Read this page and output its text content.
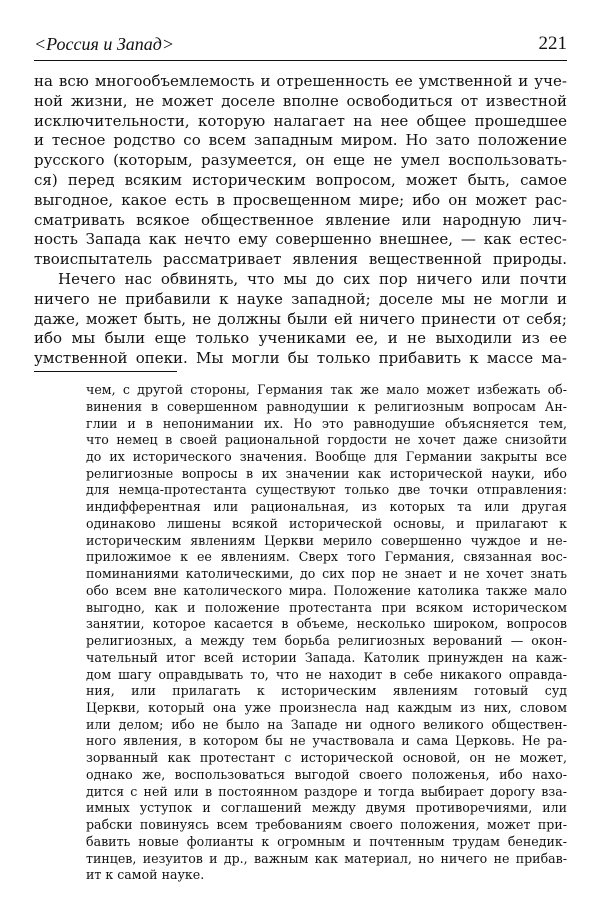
<Россия и Запад>	221
на всю многообъемлемость и отрешенность ее умственной и уче-
ной жизни, не может доселе вполне освободиться от известной
исключительности, которую налагает на нее общее прошедшее
и тесное родство со всем западным миром. Но зато положение
русского (которым, разумеется, он еще не умел воспользовать-
ся) перед всяким историческим вопросом, может быть, самое
выгодное, какое есть в просвещенном мире; ибо он может рас-
сматривать всякое общественное явление или народную лич-
ность Запада как нечто ему совершенно внешнее, — как естес-
твоиспытатель рассматривает явления вещественной природы.
Нечего нас обвинять, что мы до сих пор ничего или почти
ничего не прибавили к науке западной; доселе мы не могли и
даже, может быть, не должны были ей ничего принести от себя;
ибо мы были еще только учениками ее, и не выходили из ее
умственной опеки. Мы могли бы только прибавить к массе ма-
чем, с другой стороны, Германия так же мало может избежать об-
винения в совершенном равнодушии к религиозным вопросам Ан-
глии и в непонимании их. Но это равнодушие объясняется тем,
что немец в своей рациональной гордости не хочет даже снизойти
до их исторического значения. Вообще для Германии закрыты все
религиозные вопросы в их значении как исторической науки, ибо
для немца-протестанта существуют только две точки отправления:
индифферентная или рациональная, из которых та или другая
одинаково лишены всякой исторической основы, и прилагают к
историческим явлениям Церкви мерило совершенно чуждое и не-
приложимое к ее явлениям. Сверх того Германия, связанная вос-
поминаниями католическими, до сих пор не знает и не хочет знать
обо всем вне католического мира. Положение католика также мало
выгодно, как и положение протестанта при всяком историческом
занятии, которое касается в объеме, несколько широком, вопросов
религиозных, а между тем борьба религиозных верований — окон-
чательный итог всей истории Запада. Католик принужден на каж-
дом шагу оправдывать то, что не находит в себе никакого оправда-
ния, или прилагать к историческим явлениям готовый суд
Церкви, который она уже произнесла над каждым из них, словом
или делом; ибо не было на Западе ни одного великого обществен-
ного явления, в котором бы не участвовала и сама Церковь. Не ра-
зорванный как протестант с исторической основой, он не может,
однако же, воспользоваться выгодой своего положенья, ибо нахо-
дится с ней или в постоянном раздоре и тогда выбирает дорогу вза-
имных уступок и соглашений между двумя противоречиями, или
рабски повинуясь всем требованиям своего положения, может при-
бавить новые фолианты к огромным и почтенным трудам бенедик-
тинцев, иезуитов и др., важным как материал, но ничего не прибав-
ит к самой науке.
